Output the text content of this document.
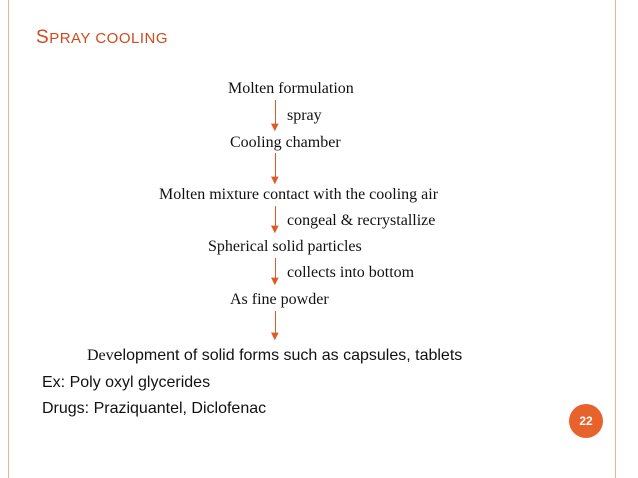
SPRAY COOLING
Molten formulation
▼
spray
Cooling chamber
▼
Molten mixture contact with the cooling air
▼
congeal & recrystallize
Spherical solid particles
▼
collects into bottom
As fine powder
▼
Development of solid forms such as capsules, tablets
Ex: Poly oxyl glycerides
Drugs: Praziquantel, Diclofenac
22
